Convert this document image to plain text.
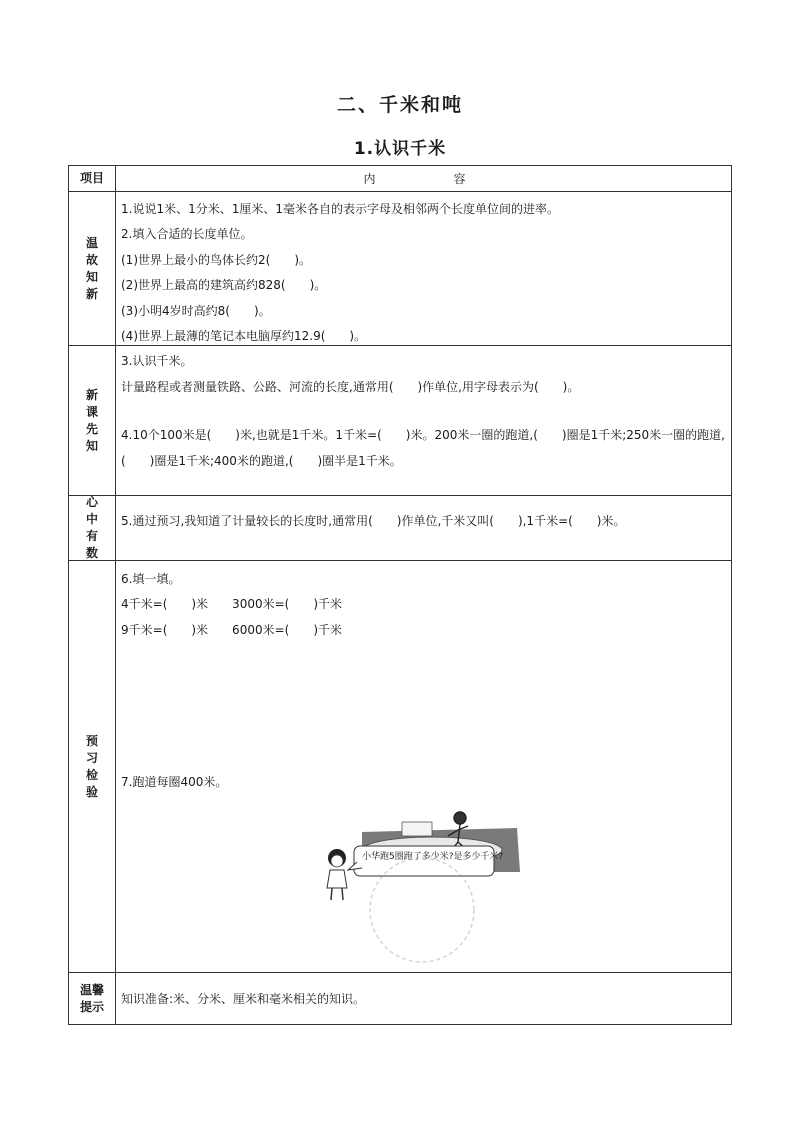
二、千米和吨
1.认识千米
项目	内　　容
温故知新
1.说说1米、1分米、1厘米、1毫米各自的表示字母及相邻两个长度单位间的进率。
2.填入合适的长度单位。
(1)世界上最小的鸟体长约2(　　)。
(2)世界上最高的建筑高约828(　　)。
(3)小明4岁时高约8(　　)。
(4)世界上最薄的笔记本电脑厚约12.9(　　)。
新课先知
3.认识千米。
计量路程或者测量铁路、公路、河流的长度,通常用(　　)作单位,用字母表示为(　　)。
4.10个100米是(　　)米,也就是1千米。1千米=(　　)米。200米一圈的跑道,(　　)圈是1千米;250米一圈的跑道,(　　)圈是1千米;400米的跑道,(　　)圈半是1千米。
心中有数
5.通过预习,我知道了计量较长的长度时,通常用(　　)作单位,千米又叫(　　),1千米=(　　)米。
预习检验
6.填一填。
4千米=(　　)米　　3000米=(　　)千米
9千米=(　　)米　　6000米=(　　)千米
7.跑道每圈400米。
温馨
提示
知识准备:米、分米、厘米和毫米相关的知识。
小华跑5圈跑了多少米?是多少千米?
